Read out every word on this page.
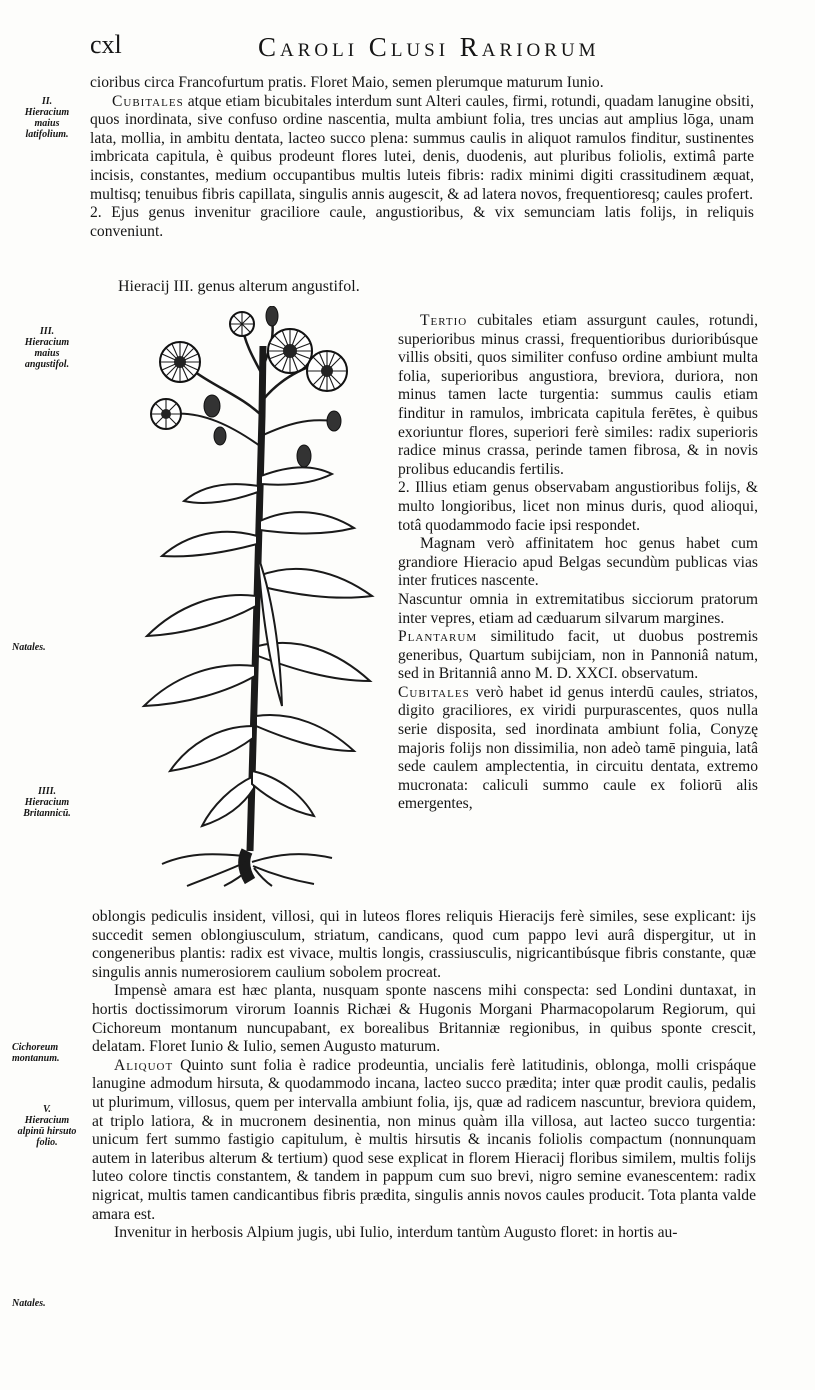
cxl	Caroli Clusi Rariorum
II.
Hieracium maius latifolium.
III.
Hieracium maius angustifol.
Natales.
IIII.
Hieracium Britannicū.
Cichoreum montanum.
V.
Hieracium alpinū hirsuto folio.
Natales.

cioribus circa Francofurtum pratis. Floret Maio, semen plerumque maturum Iunio.

Cubitales atque etiam bicubitales interdum sunt Alteri caules, firmi, rotundi, quadam lanugine obsiti, quos inordinata, sive confuso ordine nascentia, multa ambiunt folia, tres uncias aut amplius lōga, unam lata, mollia, in ambitu dentata, lacteo succo plena: summus caulis in aliquot ramulos finditur, sustinentes imbricata capitula, è quibus prodeunt flores lutei, denis, duodenis, aut pluribus foliolis, extimâ parte incisis, constantes, medium occupantibus multis luteis fibris: radix minimi digiti crassitudinem æquat, multisq; tenuibus fibris capillata, singulis annis augescit, & ad latera novos, frequentioresq; caules profert.

2. Ejus genus invenitur graciliore caule, angustioribus, & vix semunciam latis folijs, in reliquis conveniunt.

Hieracij III. genus alterum angustifol.

Tertio cubitales etiam assurgunt caules, rotundi, superioribus minus crassi, frequentioribus durioribúsque villis obsiti, quos similiter confuso ordine ambiunt multa folia, superioribus angustiora, breviora, duriora, non minus tamen lacte turgentia: summus caulis etiam finditur in ramulos, imbricata capitula ferētes, è quibus exoriuntur flores, superiori ferè similes: radix superioris radice minus crassa, perinde tamen fibrosa, & in novis prolibus educandis fertilis.

2. Illius etiam genus observabam angustioribus folijs, & multo longioribus, licet non minus duris, quod alioqui, totâ quodammodo facie ipsi respondet.

Magnam verò affinitatem hoc genus habet cum grandiore Hieracio apud Belgas secundùm publicas vias inter frutices nascente.

Nascuntur omnia in extremitatibus sicciorum pratorum inter vepres, etiam ad cæduarum silvarum margines.

Plantarum similitudo facit, ut duobus postremis generibus, Quartum subijciam, non in Pannoniâ natum, sed in Britanniâ anno M. D. XXCI. observatum.

Cubitales verò habet id genus interdū caules, striatos, digito graciliores, ex viridi purpurascentes, quos nulla serie disposita, sed inordinata ambiunt folia, Conyzę majoris folijs non dissimilia, non adeò tamē pinguia, latâ sede caulem amplectentia, in circuitu dentata, extremo mucronata: caliculi summo caule ex foliorū alis emergentes,

oblongis pediculis insident, villosi, qui in luteos flores reliquis Hieracijs ferè similes, sese explicant: ijs succedit semen oblongiusculum, striatum, candicans, quod cum pappo levi aurâ dispergitur, ut in congeneribus plantis: radix est vivace, multis longis, crassiusculis, nigricantibúsque fibris constante, quæ singulis annis numerosiorem caulium sobolem procreat.

Impensè amara est hæc planta, nusquam sponte nascens mihi conspecta: sed Londini duntaxat, in hortis doctissimorum virorum Ioannis Richæi & Hugonis Morgani Pharmacopolarum Regiorum, qui Cichoreum montanum nuncupabant, ex borealibus Britanniæ regionibus, in quibus sponte crescit, delatam. Floret Iunio & Iulio, semen Augusto maturum.

Aliquot Quinto sunt folia è radice prodeuntia, uncialis ferè latitudinis, oblonga, molli crispáque lanugine admodum hirsuta, & quodammodo incana, lacteo succo prædita; inter quæ prodit caulis, pedalis ut plurimum, villosus, quem per intervalla ambiunt folia, ijs, quæ ad radicem nascuntur, breviora quidem, at triplo latiora, & in mucronem desinentia, non minus quàm illa villosa, aut lacteo succo turgentia: unicum fert summo fastigio capitulum, è multis hirsutis & incanis foliolis compactum (nonnunquam autem in lateribus alterum & tertium) quod sese explicat in florem Hieracij floribus similem, multis folijs luteo colore tinctis constantem, & tandem in pappum cum suo brevi, nigro semine evanescentem: radix nigricat, multis tamen candicantibus fibris prædita, singulis annis novos caules producit. Tota planta valde amara est.

Invenitur in herbosis Alpium jugis, ubi Iulio, interdum tantùm Augusto floret: in hortis au-
